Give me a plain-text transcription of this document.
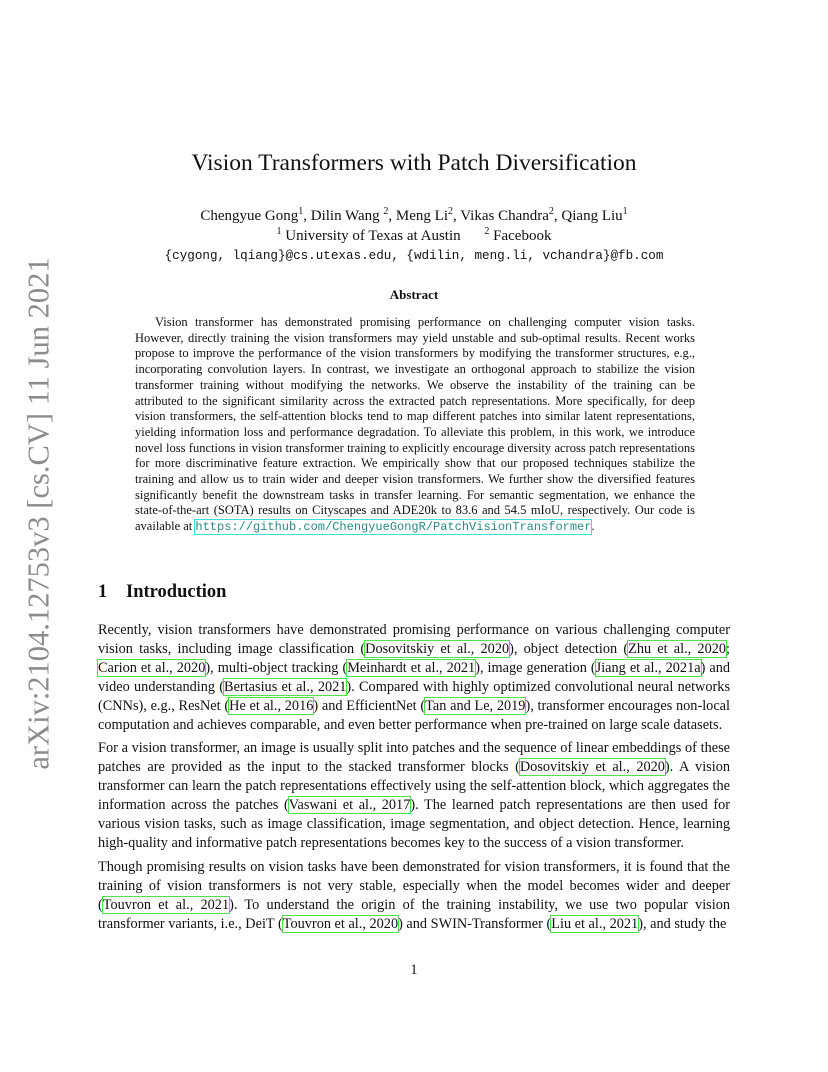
arXiv:2104.12753v3 [cs.CV] 11 Jun 2021
Vision Transformers with Patch Diversification
Chengyue Gong$^1$, Dilin Wang $^2$, Meng Li$^2$, Vikas Chandra$^2$, Qiang Liu$^1$
$^1$ University of Texas at Austin $^2$ Facebook
{cygong, lqiang}@cs.utexas.edu, {wdilin, meng.li, vchandra}@fb.com
Abstract

Vision transformer has demonstrated promising performance on challenging computer vision tasks. However, directly training the vision transformers may yield unstable and sub-optimal results. Recent works propose to improve the performance of the vision transformers by modifying the transformer structures, e.g., incorporating convolution layers. In contrast, we investigate an orthogonal approach to stabilize the vision transformer training without modifying the networks. We observe the instability of the training can be attributed to the significant similarity across the extracted patch representations. More specifically, for deep vision transformers, the self-attention blocks tend to map different patches into similar latent representations, yielding information loss and performance degradation. To alleviate this problem, in this work, we introduce novel loss functions in vision transformer training to explicitly encourage diversity across patch representations for more discriminative feature extraction. We empirically show that our proposed techniques stabilize the training and allow us to train wider and deeper vision transformers. We further show the diversified features significantly benefit the downstream tasks in transfer learning. For semantic segmentation, we enhance the state-of-the-art (SOTA) results on Cityscapes and ADE20k to 83.6 and 54.5 mIoU, respectively. Our code is available at https://github.com/ChengyueGongR/PatchVisionTransformer.

1 Introduction

Recently, vision transformers have demonstrated promising performance on various challenging computer vision tasks, including image classification (Dosovitskiy et al., 2020), object detection (Zhu et al., 2020; Carion et al., 2020), multi-object tracking (Meinhardt et al., 2021), image generation (Jiang et al., 2021a) and video understanding (Bertasius et al., 2021). Compared with highly optimized convolutional neural networks (CNNs), e.g., ResNet (He et al., 2016) and EfficientNet (Tan and Le, 2019), transformer encourages non-local computation and achieves comparable, and even better performance when pre-trained on large scale datasets.

For a vision transformer, an image is usually split into patches and the sequence of linear embeddings of these patches are provided as the input to the stacked transformer blocks (Dosovitskiy et al., 2020). A vision transformer can learn the patch representations effectively using the self-attention block, which aggregates the information across the patches (Vaswani et al., 2017). The learned patch representations are then used for various vision tasks, such as image classification, image segmentation, and object detection. Hence, learning high-quality and informative patch representations becomes key to the success of a vision transformer.

Though promising results on vision tasks have been demonstrated for vision transformers, it is found that the training of vision transformers is not very stable, especially when the model becomes wider and deeper (Touvron et al., 2021). To understand the origin of the training instability, we use two popular vision transformer variants, i.e., DeiT (Touvron et al., 2020) and SWIN-Transformer (Liu et al., 2021), and study the

1
